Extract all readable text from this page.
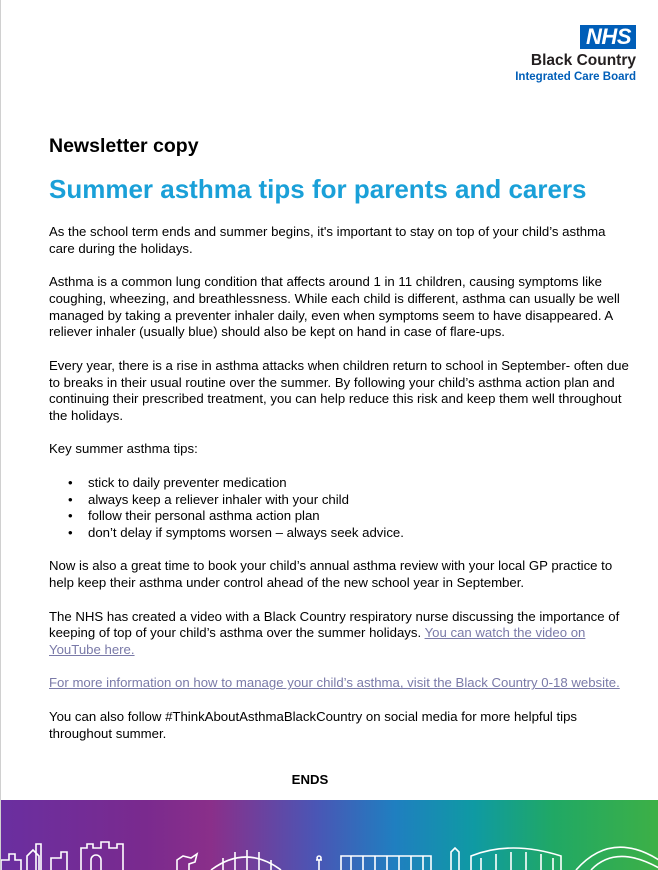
NHS
Black Country
Integrated Care Board
Newsletter copy
Summer asthma tips for parents and carers

As the school term ends and summer begins, it's important to stay on top of your child’s asthma care during the holidays.

Asthma is a common lung condition that affects around 1 in 11 children, causing symptoms like coughing, wheezing, and breathlessness. While each child is different, asthma can usually be well managed by taking a preventer inhaler daily, even when symptoms seem to have disappeared. A reliever inhaler (usually blue) should also be kept on hand in case of flare-ups.

Every year, there is a rise in asthma attacks when children return to school in September- often due to breaks in their usual routine over the summer. By following your child’s asthma action plan and continuing their prescribed treatment, you can help reduce this risk and keep them well throughout the holidays.

Key summer asthma tips:

• stick to daily preventer medication
• always keep a reliever inhaler with your child
• follow their personal asthma action plan
• don’t delay if symptoms worsen – always seek advice.

Now is also a great time to book your child’s annual asthma review with your local GP practice to help keep their asthma under control ahead of the new school year in September.

The NHS has created a video with a Black Country respiratory nurse discussing the importance of keeping of top of your child’s asthma over the summer holidays. You can watch the video on YouTube here.

For more information on how to manage your child’s asthma, visit the Black Country 0-18 website.

You can also follow #ThinkAboutAsthmaBlackCountry on social media for more helpful tips throughout summer.

ENDS
